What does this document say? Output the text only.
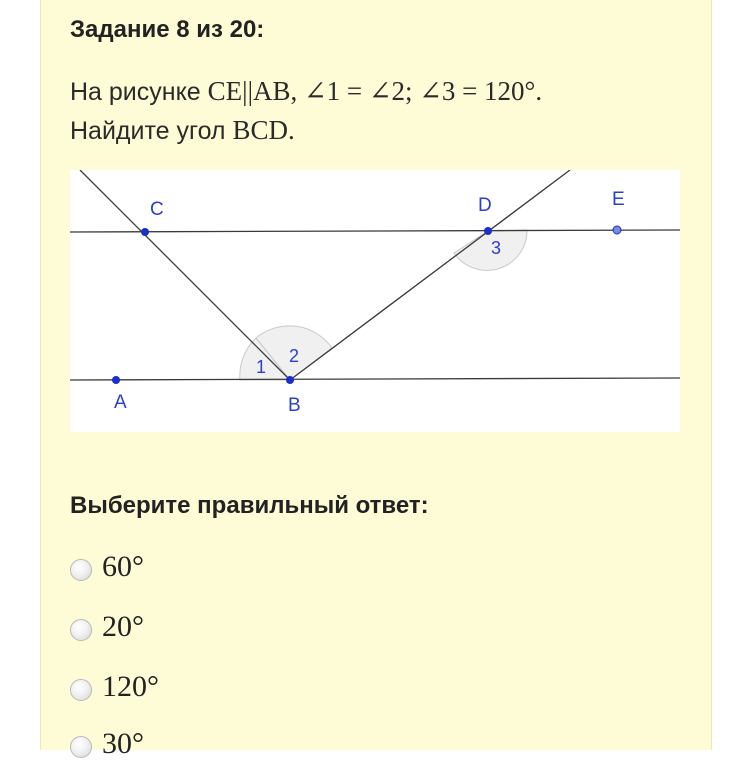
Задание 8 из 20:
На рисунке CE||AB, ∠1 = ∠2; ∠3 = 120°.
Найдите угол BCD.
C	D	E
A	B
1
2
3
Выберите правильный ответ:
60°
20°
120°
30°
